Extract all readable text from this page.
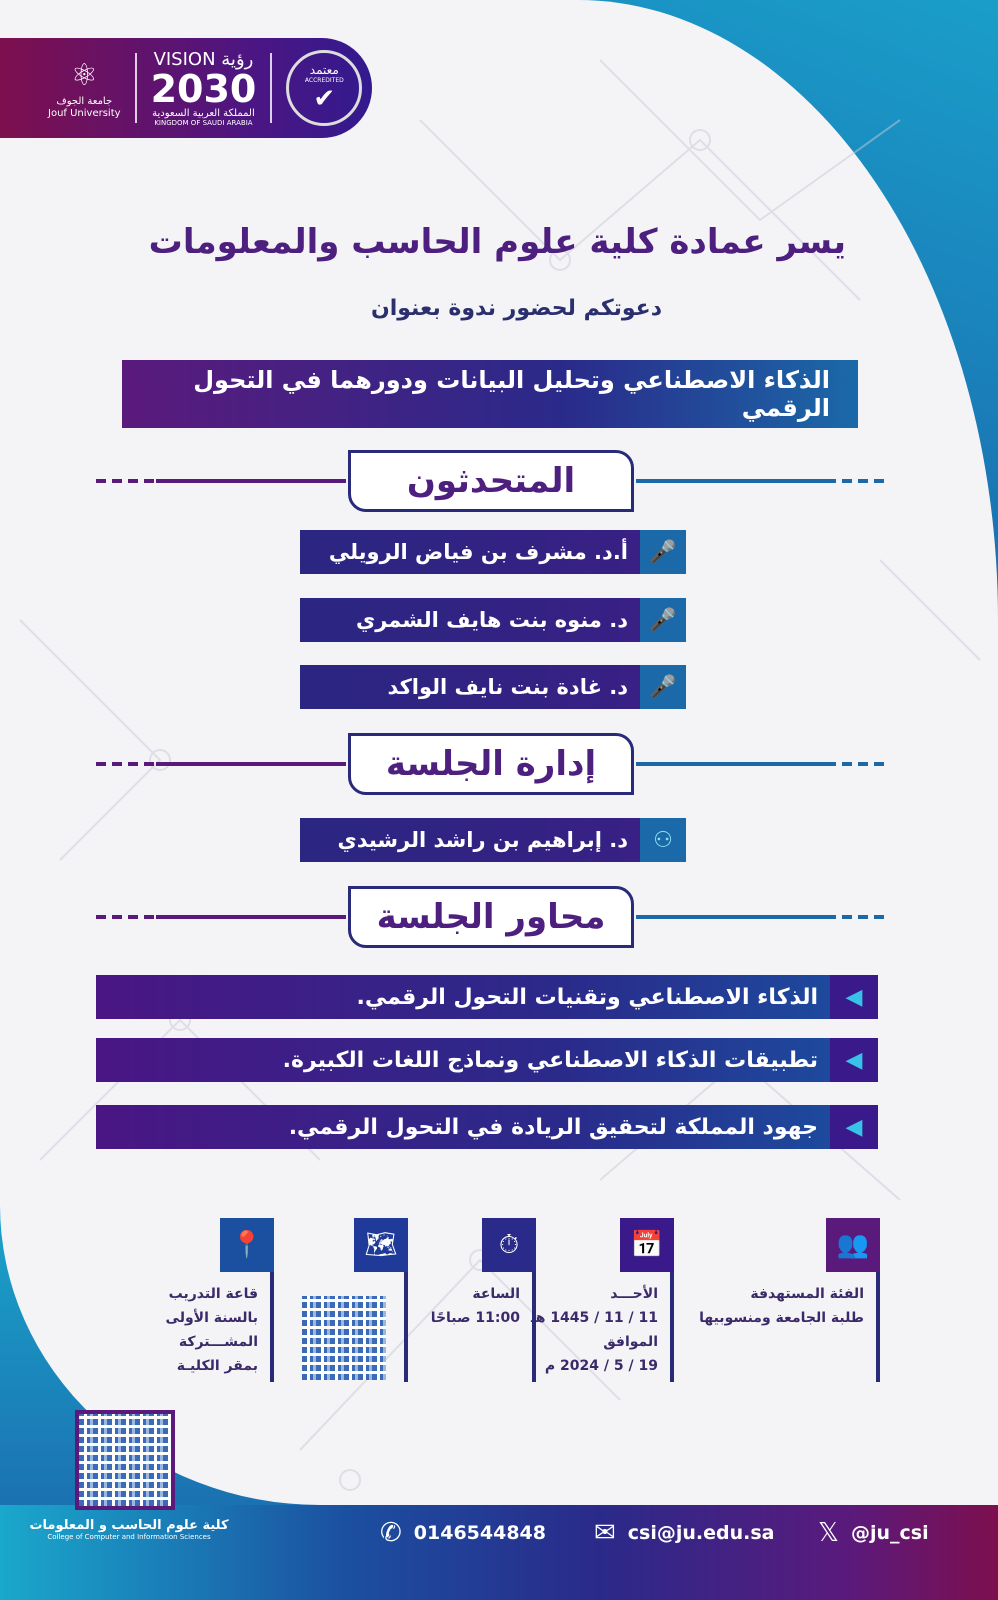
⚛
جامعة الجوف
Jouf University
VISION رؤية
2030
المملكة العربية السعودية
KINGDOM OF SAUDI ARABIA
معتمد
ACCREDITED
✔
يسر عمادة كلية علوم الحاسب والمعلومات
دعوتكم لحضور ندوة بعنوان
الذكاء الاصطناعي وتحليل البيانات ودورهما في التحول الرقمي
المتحدثون
🎤
أ.د. مشرف بن فياض الرويلي
🎤
د. منوه بنت هايف الشمري
🎤
د. غادة بنت نايف الواكد
إدارة الجلسة
⚇
د. إبراهيم بن راشد الرشيدي
محاور الجلسة
◀
الذكاء الاصطناعي وتقنيات التحول الرقمي.
◀
تطبيقات الذكاء الاصطناعي ونماذج اللغات الكبيرة.
◀
جهود المملكة لتحقيق الريادة في التحول الرقمي.
👥
الفئة المستهدفة
طلبة الجامعة ومنسوبيها
📅
الأحـــد
11 / 11 / 1445 هـ
الموافق
19 / 5 / 2024 م
⏱
الساعة
11:00 صباحًا
🗺
📍
قاعة التدريب
بالسنة الأولى
المشـــتركة
بمقر الكليـة
كلية علوم الحاسب و المعلومات
College of Computer and Information Sciences	✆ 0146544848 ✉ csi@ju.edu.sa 𝕏 @ju_csi
